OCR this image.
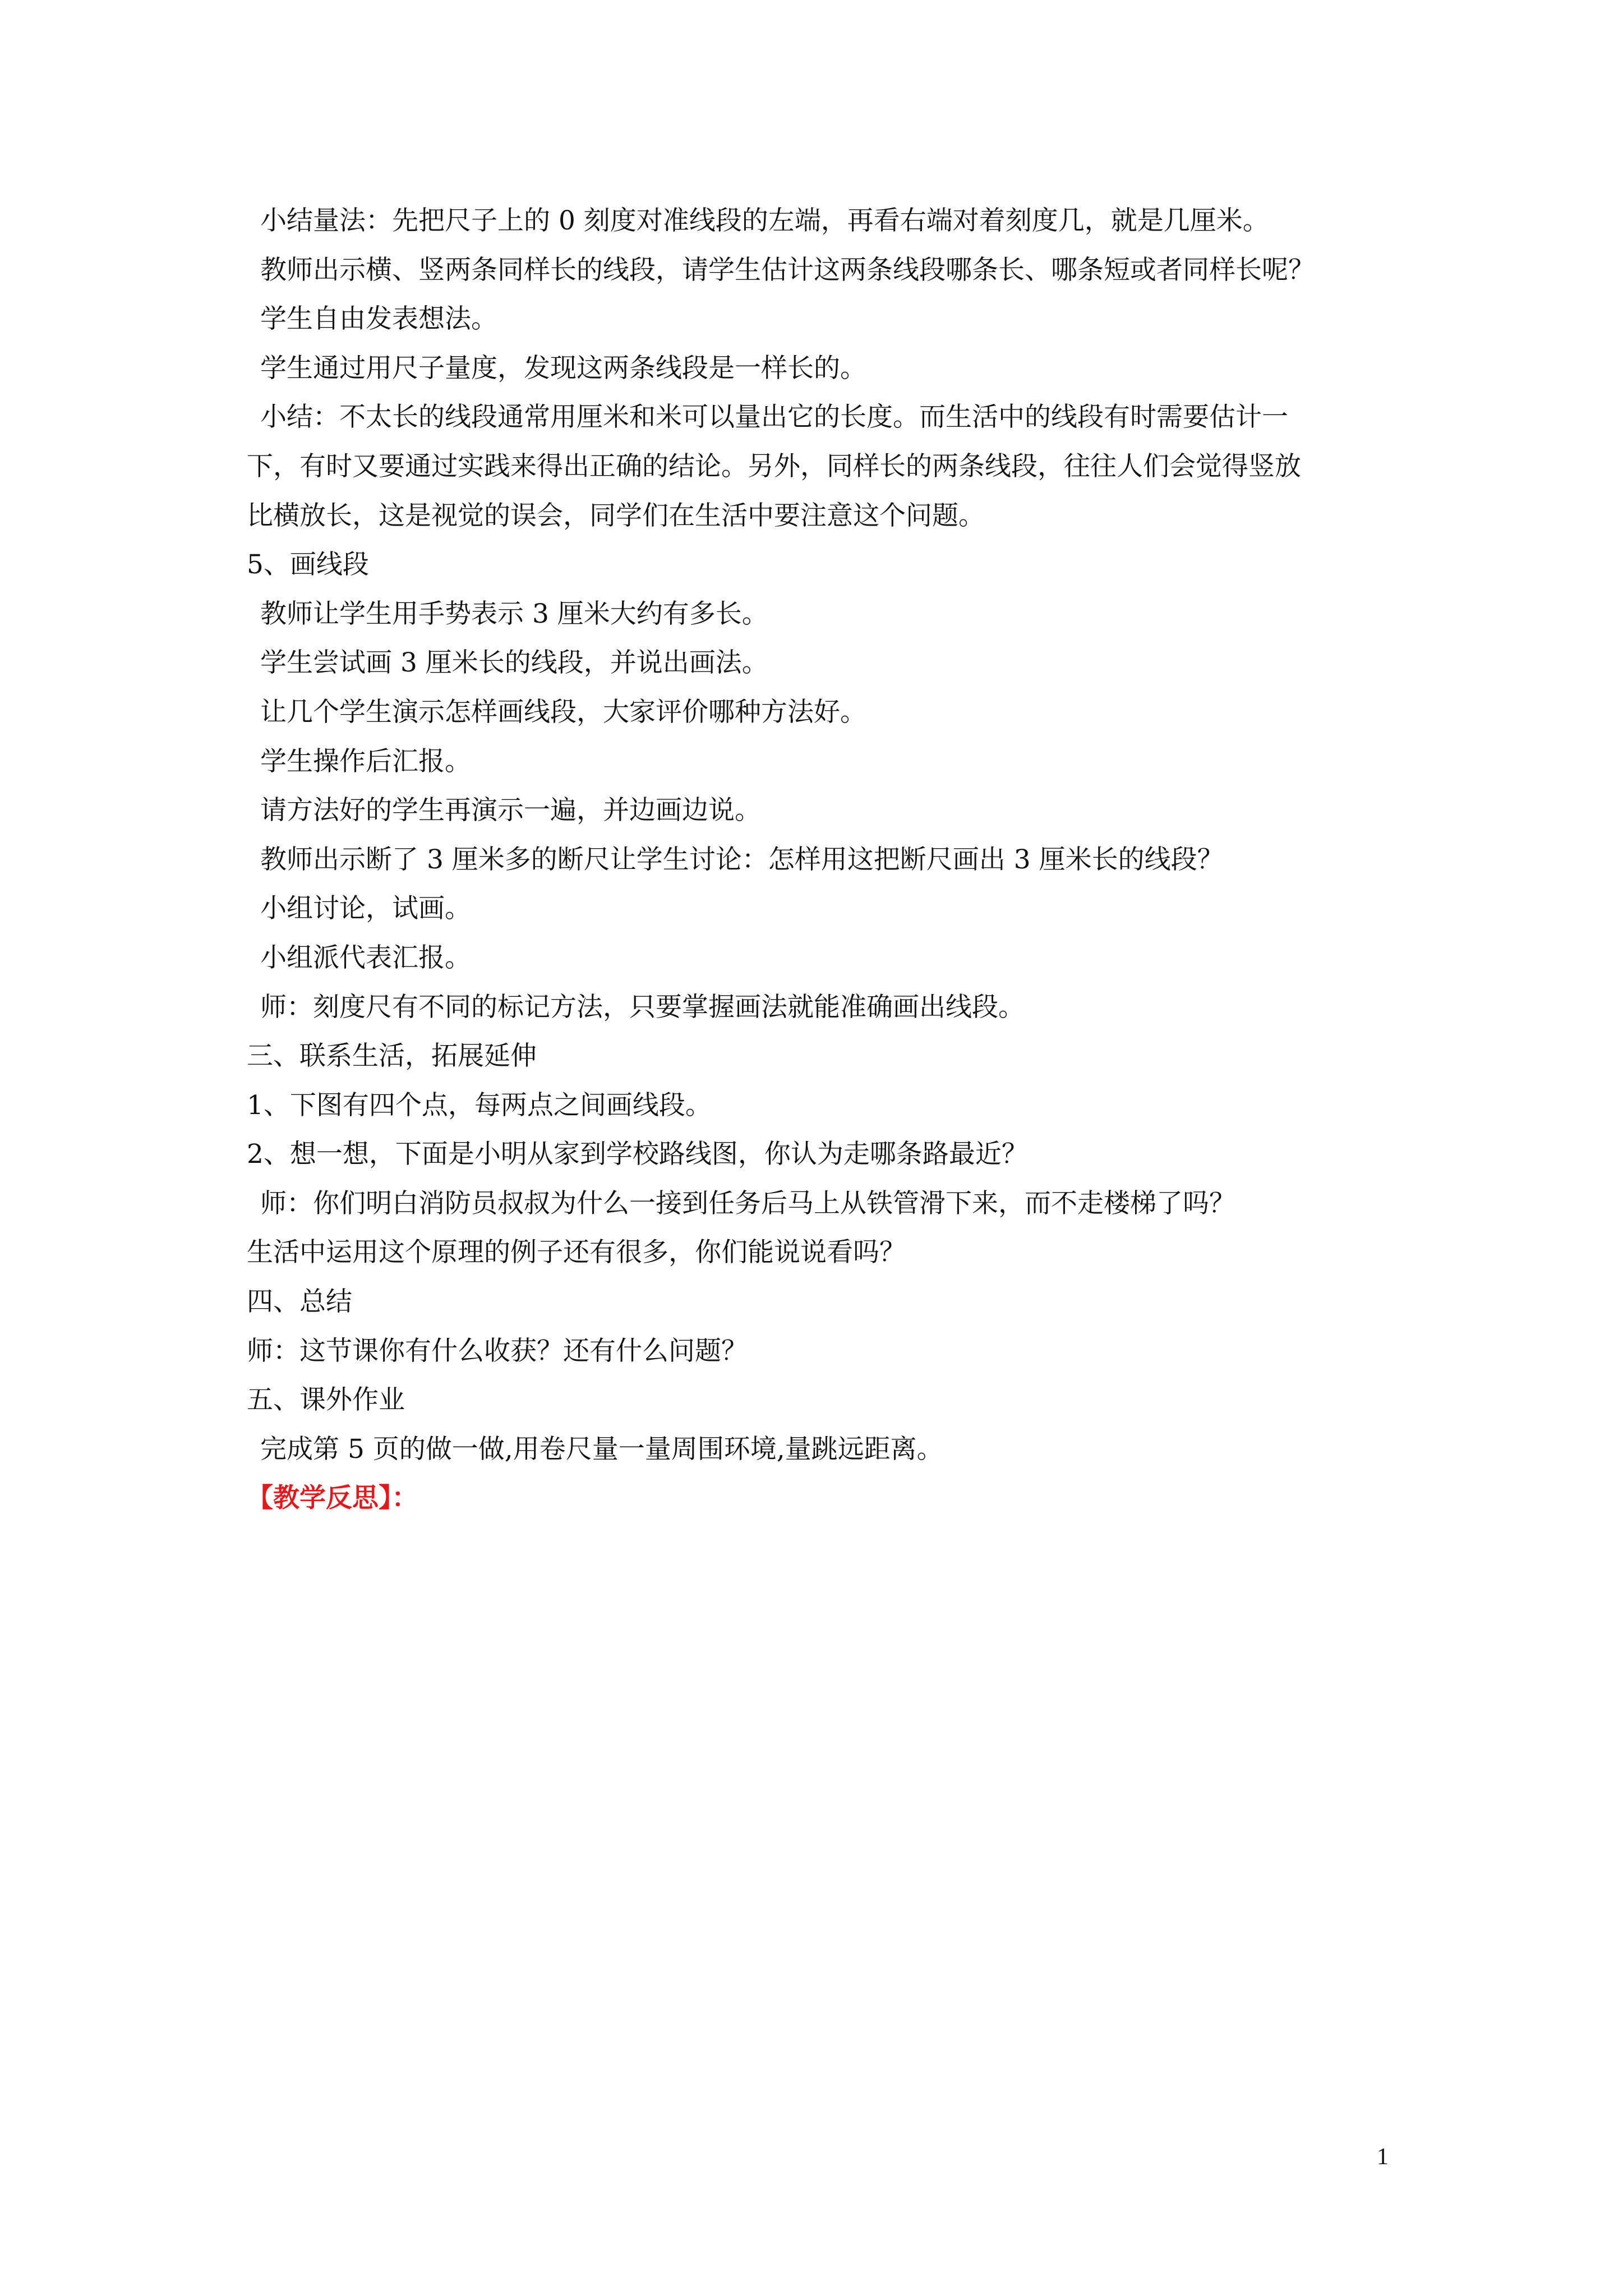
小结量法：先把尺子上的 0 刻度对准线段的左端，再看右端对着刻度几，就是几厘米。
教师出示横、竖两条同样长的线段，请学生估计这两条线段哪条长、哪条短或者同样长呢？
学生自由发表想法。
学生通过用尺子量度，发现这两条线段是一样长的。
小结：不太长的线段通常用厘米和米可以量出它的长度。而生活中的线段有时需要估计一
下，有时又要通过实践来得出正确的结论。另外，同样长的两条线段，往往人们会觉得竖放
比横放长，这是视觉的误会，同学们在生活中要注意这个问题。
5、画线段
教师让学生用手势表示 3 厘米大约有多长。
学生尝试画 3 厘米长的线段，并说出画法。
让几个学生演示怎样画线段，大家评价哪种方法好。
学生操作后汇报。
请方法好的学生再演示一遍，并边画边说。
教师出示断了 3 厘米多的断尺让学生讨论：怎样用这把断尺画出 3 厘米长的线段？
小组讨论，试画。
小组派代表汇报。
师：刻度尺有不同的标记方法，只要掌握画法就能准确画出线段。
三、联系生活，拓展延伸
1、下图有四个点，每两点之间画线段。
2、想一想，下面是小明从家到学校路线图，你认为走哪条路最近？
师：你们明白消防员叔叔为什么一接到任务后马上从铁管滑下来，而不走楼梯了吗？
生活中运用这个原理的例子还有很多，你们能说说看吗？
四、总结
师：这节课你有什么收获？还有什么问题？
五、课外作业
完成第 5 页的做一做,用卷尺量一量周围环境,量跳远距离。
【教学反思】：
1
